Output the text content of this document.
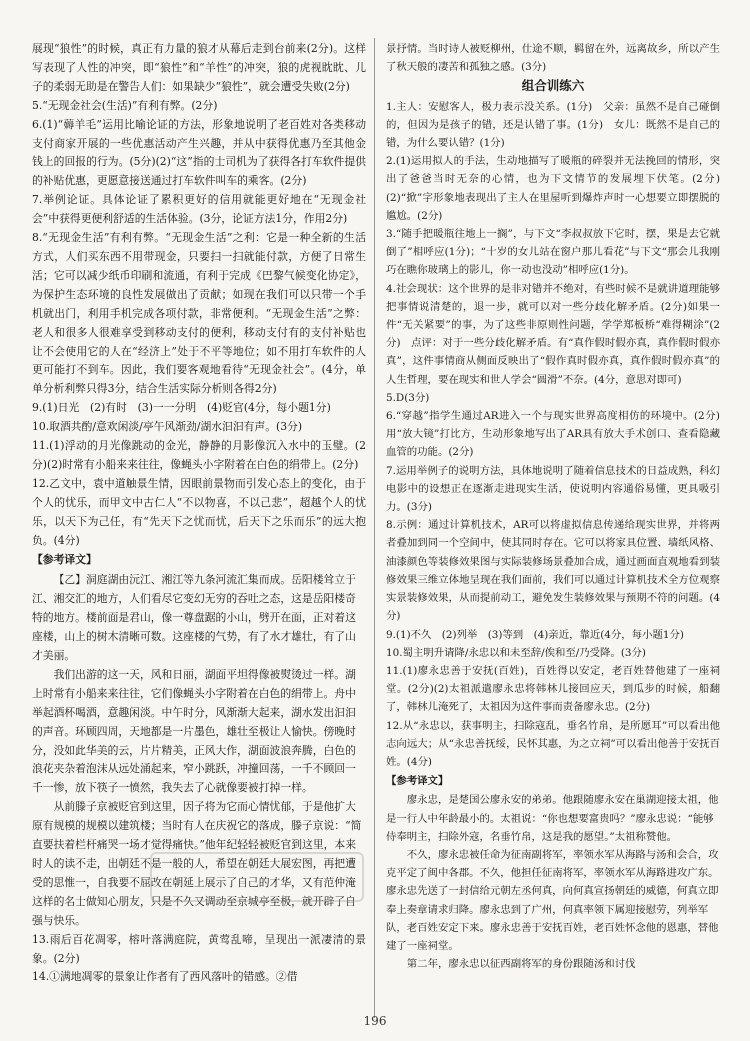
展现“狼性”的时候，真正有力量的狼才从幕后走到台前来(2分)。这样写表现了人性的冲突，即“狼性”和“羊性”的冲突，狼的虎视眈眈、儿子的柔弱无助是在警告人们：如果缺少“狼性”，就会遭受失败(2分)

5.“无现金社会(生活)”有利有弊。(2分)

6.(1)“薅羊毛”运用比喻论证的方法，形象地说明了老百姓对各类移动支付商家开展的一些优惠活动产生兴趣，并从中获得优惠乃至其他金钱上的回报的行为。(5分)(2)“这”指的士司机为了获得各打车软件提供的补贴优惠，更愿意接送通过打车软件叫车的乘客。(2分)

7.举例论证。具体论证了累积更好的信用就能更好地在“无现金社会”中获得更便利舒适的生活体验。(3分，论证方法1分，作用2分)

8.“无现金生活”有利有弊。“无现金生活”之利：它是一种全新的生活方式，人们买东西不用带现金，只要扫一扫就能付款，方便了日常生活；它可以减少纸币印刷和流通，有利于完成《巴黎气候变化协定》，为保护生态环境的良性发展做出了贡献；如现在我们可以只带一个手机就出门，利用手机完成各项付款，非常便利。“无现金生活”之弊：老人和很多人很难享受到移动支付的便利，移动支付有的支付补贴也让不会使用它的人在“经济上”处于不平等地位；如不用打车软件的人更可能打不到车。因此，我们要客观地看待“无现金社会”。(4分，单单分析利弊只得3分，结合生活实际分析则各得2分)

9.(1)日光　(2)有时　(3)一一分明　(4)贬官(4分，每小题1分)

10.取酒共酌/意欢闲淡/亭午风渐劲/湖水汩汩有声。(3分)

11.(1)浮动的月光像跳动的金光，静静的月影像沉入水中的玉璧。(2分)(2)时常有小船来来往往，像蝇头小字附着在白色的绢带上。(2分)

12.乙文中，袁中道触景生情，因眼前景物而引发心态上的变化，由于个人的忧乐，而甲文中古仁人“不以物喜，不以己悲”，超越个人的忧乐，以天下为己任，有“先天下之忧而忧，后天下之乐而乐”的远大抱负。(4分)

【参考译文】

【乙】洞庭湖由沅江、湘江等九条河流汇集而成。岳阳楼耸立于江、湘交汇的地方，人们看尽它变幻无穷的吞吐之态，这是岳阳楼奇特的地方。楼前面是君山，像一尊盘踞的小山，劈开在面，正对着这座楼，山上的树木清晰可数。这座楼的气势，有了水才雄壮，有了山才美丽。

我们出游的这一天，风和日丽，湖面平坦得像被熨烫过一样。湖上时常有小船来来往往，它们像蝇头小字附着在白色的绢带上。舟中举起酒杯喝酒，意趣闲淡。中午时分，风渐渐大起来，湖水发出汩汩的声音。环顾四周，天地都是一片墨色，雄壮至极让人愉快。傍晚时分，没如此华美的云，片片精美，正风大作，湖面波浪奔腾，白色的浪花夹杂着泡沫从远处涌起来，窄小跳跃，冲撞回荡，一千不顾回一千一惨，放下筷子一愤然，我失去了心就像要被打掉一样。

从前滕子京被贬官到这里，因子将为它而心情忧郁，于是他扩大原有规模的规模以建筑楼；当时有人在庆祝它的落成，滕子京说：“简直要扶着栏杆痛哭一场才觉得痛快。”他年纪轻轻被贬官到这里，本来时人的读不走，出朝廷不是一般的人，希望在朝廷大展宏图，再把遭受的思惟一，自我要不屈改在朝延上展示了自己的才华，又有范仲淹这样的名士做知心朋友，只是不久又调动至京城亭至极，就开辟了自强与快乐。

13.雨后百花凋零，榕叶落满庭院，黄莺乱啼，呈现出一派凄清的景象。(2分)

14.①满地凋零的景象让作者有了西风落叶的错感。②借

景抒情。当时诗人被贬柳州，仕途不顺，羁留在外，远离故乡，所以产生了秋天般的凄苦和孤独之感。(3分)

组合训练六

1.主人：安慰客人，极力表示没关系。(1分)　父亲：虽然不是自己碰倒的，但因为是孩子的错，还是认错了事。(1分)　女儿：既然不是自己的错，为什么要认错？(1分)

2.(1)运用拟人的手法，生动地描写了暖瓶的碎裂并无法挽回的情形，突出了爸爸当时无奈的心情，也为下文情节的发展埋下伏笔。(2分)(2)“掀”字形象地表现出了主人在里屋听到爆炸声时一心想要立即摆脱的尴尬。(2分)

3.“随手把暖瓶往地上一搁”，与下文“李叔叔放下它时，摆，果是去它就倒了”相呼应(1分)；“十岁的女儿站在窗户那儿看花”与下文“那会儿我刚巧在瞧你玻璃上的影儿，你一动也没动”相呼应(1分)。

4.社会现状：这个世界的是非对错并不绝对，有些时候不是就讲道理能够把事情说清楚的，退一步，就可以对一些分歧化解矛盾。(2分)如果一件“无关紧要”的事，为了这些非原则性问题，学学郑板桥“难得糊涂”(2分)　点评：对于一些分歧化解矛盾。有“真作假时假亦真，真作假时假亦真”，这件事情商从侧面反映出了“假作真时假亦真，真作假时假亦真”的人生哲理，要在现实和世人学会“圆滑”不奈。(4分，意思对即可)

5.D(3分)

6.“穿越”指学生通过AR进入一个与现实世界高度相仿的环境中。(2分)用“放大镜”打比方，生动形象地写出了AR具有放大手术创口、查看隐藏血管的功能。(2分)

7.运用举例子的说明方法，具体地说明了随着信息技术的日益成熟，科幻电影中的设想正在逐渐走进现实生活，使说明内容通俗易懂，更具吸引力。(3分)

8.示例：通过计算机技术，AR可以将虚拟信息传递给现实世界，并将两者叠加到同一个空间中，使其同时存在。它可以将家具位置、墙纸风格、油漆颜色等装修效果图与实际装修场景叠加合成，通过画面直观地看到装修效果三维立体地呈现在我们面前，我们可以通过计算机技术全方位观察实景装修效果，从而提前动工，避免发生装修效果与预期不符的问题。(4分)

9.(1)不久　(2)列举　(3)等到　(4)亲近，靠近(4分，每小题1分)

10.蜀主明升请降/永忠以和未至辞/俟和至/乃受降。(3分)

11.(1)廖永忠善于安抚(百姓)，百姓得以安定，老百姓替他建了一座祠堂。(2分)(2)太祖派遣廖永忠将韩林儿接回应天，到瓜步的时候，船翻了，韩林儿淹死了，太祖因为这件事而责备廖永忠。(2分)

12.从“永忠以，获事明主，扫除寇乱，垂名竹帛，是所愿耳”可以看出他志向远大；从“永忠善抚绥，民怀其惠，为之立祠”可以看出他善于安抚百姓。(4分)

【参考译文】

廖永忠，是楚国公廖永安的弟弟。他跟随廖永安在巢湖迎接太祖，他是一行人中年龄最小的。太祖说：“你也想要富贵吗？”廖永忠说：“能够侍奉明主，扫除外寇，名垂竹帛，这是我的愿望。”太祖称赞他。

不久，廖永忠被任命为征南副将军，率领水军从海路与汤和会合，攻克平定了闽中各郡。不久，他担任征南将军，率领水军从海路进攻广东。廖永忠先送了一封信给元朝左丞何真，向何真宣扬朝廷的威德，何真立即奉上奏章请求归降。廖永忠到了广州，何真率领下属迎接慰劳，列举军队，老百姓安定下来。廖永忠善于安抚百姓，老百姓怀念他的恩惠，替他建了一座祠堂。

第二年，廖永忠以征西副将军的身份跟随汤和讨伐

196
